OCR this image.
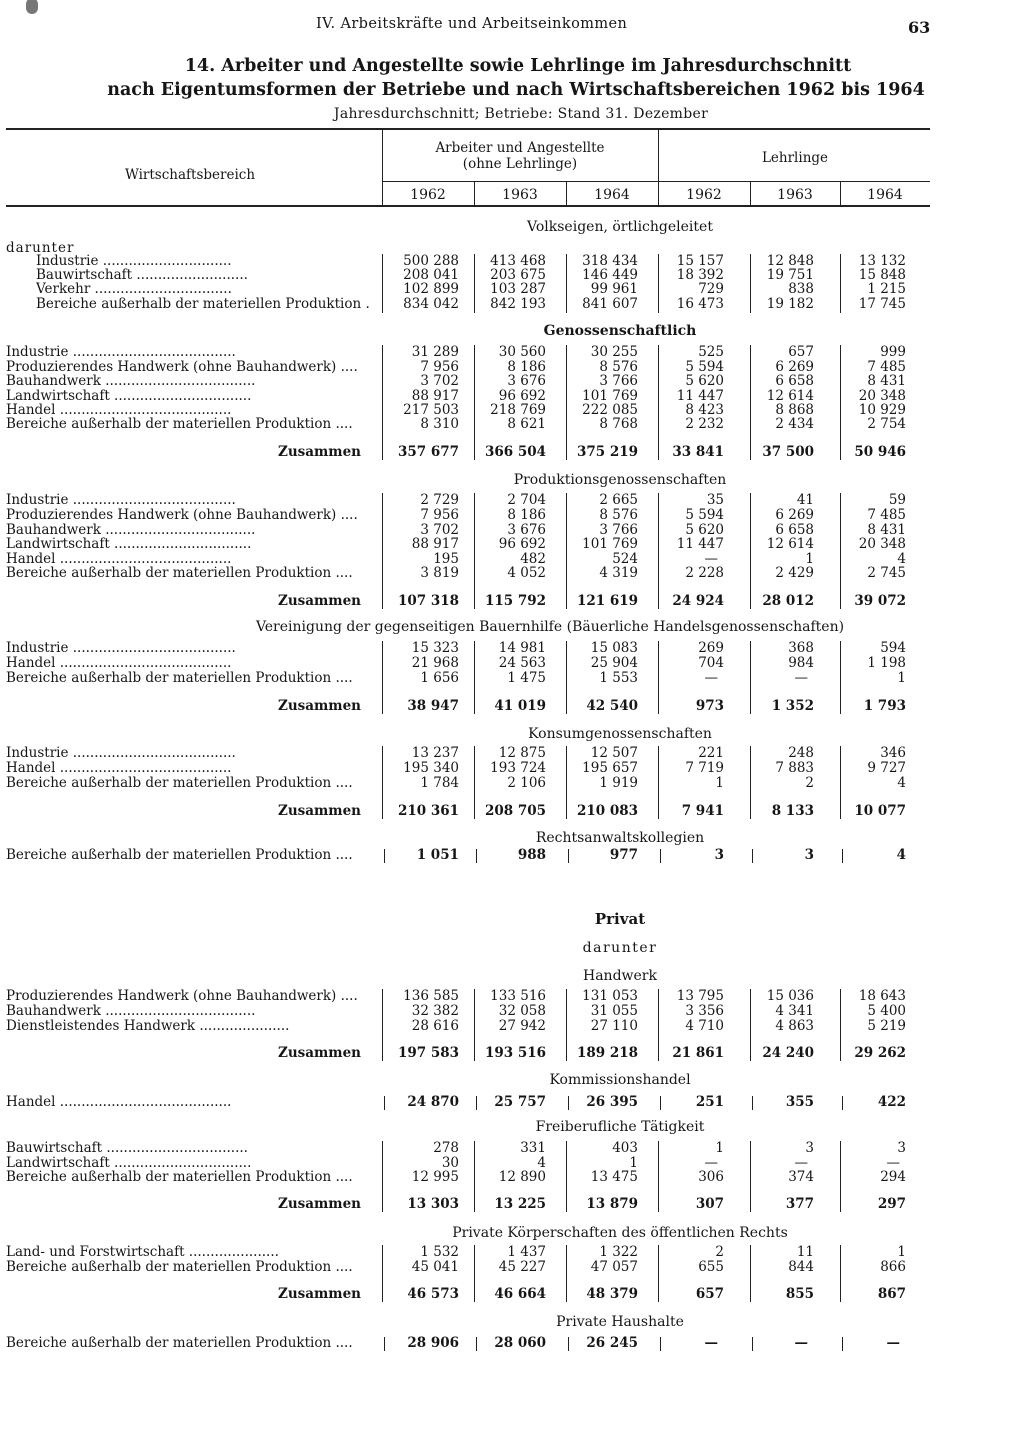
IV. Arbeitskräfte und Arbeitseinkommen	63
14. Arbeiter und Angestellte sowie Lehrlinge im Jahresdurchschnitt
nach Eigentumsformen der Betriebe und nach Wirtschaftsbereichen 1962 bis 1964
Jahresdurchschnitt; Betriebe: Stand 31. Dezember
Wirtschaftsbereich
Arbeiter und Angestellte
(ohne Lehrlinge)	Lehrlinge
1962	1963	1964	1962	1963	1964
Volkseigen, örtlichgeleitet
darunter
Industrie ..............................	500 288	413 468	318 434	15 157	12 848	13 132
Bauwirtschaft ..........................	208 041	203 675	146 449	18 392	19 751	15 848
Verkehr ................................	102 899	103 287	99 961	729	838	1 215
Bereiche außerhalb der materiellen Produktion .	834 042	842 193	841 607	16 473	19 182	17 745
Genossenschaftlich
Industrie ......................................	31 289	30 560	30 255	525	657	999
Produzierendes Handwerk (ohne Bauhandwerk) ....	7 956	8 186	8 576	5 594	6 269	7 485
Bauhandwerk ...................................	3 702	3 676	3 766	5 620	6 658	8 431
Landwirtschaft ................................	88 917	96 692	101 769	11 447	12 614	20 348
Handel ........................................	217 503	218 769	222 085	8 423	8 868	10 929
Bereiche außerhalb der materiellen Produktion ....	8 310	8 621	8 768	2 232	2 434	2 754
Zusammen	357 677	366 504	375 219	33 841	37 500	50 946
Produktionsgenossenschaften
Industrie ......................................	2 729	2 704	2 665	35	41	59
Produzierendes Handwerk (ohne Bauhandwerk) ....	7 956	8 186	8 576	5 594	6 269	7 485
Bauhandwerk ...................................	3 702	3 676	3 766	5 620	6 658	8 431
Landwirtschaft ................................	88 917	96 692	101 769	11 447	12 614	20 348
Handel ........................................	195	482	524	—	1	4
Bereiche außerhalb der materiellen Produktion ....	3 819	4 052	4 319	2 228	2 429	2 745
Zusammen	107 318	115 792	121 619	24 924	28 012	39 072
Vereinigung der gegenseitigen Bauernhilfe (Bäuerliche Handelsgenossenschaften)
Industrie ......................................	15 323	14 981	15 083	269	368	594
Handel ........................................	21 968	24 563	25 904	704	984	1 198
Bereiche außerhalb der materiellen Produktion ....	1 656	1 475	1 553	—	—	1
Zusammen	38 947	41 019	42 540	973	1 352	1 793
Konsumgenossenschaften
Industrie ......................................	13 237	12 875	12 507	221	248	346
Handel ........................................	195 340	193 724	195 657	7 719	7 883	9 727
Bereiche außerhalb der materiellen Produktion ....	1 784	2 106	1 919	1	2	4
Zusammen	210 361	208 705	210 083	7 941	8 133	10 077
Rechtsanwaltskollegien
Bereiche außerhalb der materiellen Produktion ....	1 051	988	977	3	3	4
Privat
darunter
Handwerk
Produzierendes Handwerk (ohne Bauhandwerk) ....	136 585	133 516	131 053	13 795	15 036	18 643
Bauhandwerk ...................................	32 382	32 058	31 055	3 356	4 341	5 400
Dienstleistendes Handwerk .....................	28 616	27 942	27 110	4 710	4 863	5 219
Zusammen	197 583	193 516	189 218	21 861	24 240	29 262
Kommissionshandel
Handel ........................................	24 870	25 757	26 395	251	355	422
Freiberufliche Tätigkeit
Bauwirtschaft .................................	278	331	403	1	3	3
Landwirtschaft ................................	30	4	1	—	—	—
Bereiche außerhalb der materiellen Produktion ....	12 995	12 890	13 475	306	374	294
Zusammen	13 303	13 225	13 879	307	377	297
Private Körperschaften des öffentlichen Rechts
Land- und Forstwirtschaft .....................	1 532	1 437	1 322	2	11	1
Bereiche außerhalb der materiellen Produktion ....	45 041	45 227	47 057	655	844	866
Zusammen	46 573	46 664	48 379	657	855	867
Private Haushalte
Bereiche außerhalb der materiellen Produktion ....	28 906	28 060	26 245	—	—	—
